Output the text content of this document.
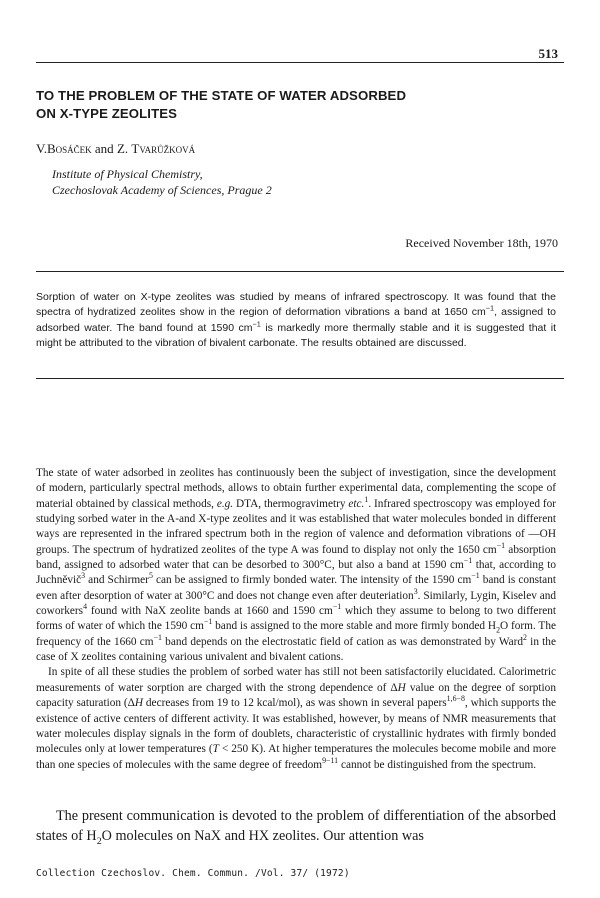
513
TO THE PROBLEM OF THE STATE OF WATER ADSORBED
ON X-TYPE ZEOLITES
V.Bosáček and Z. Tvarůžková
Institute of Physical Chemistry,
Czechoslovak Academy of Sciences, Prague 2
Received November 18th, 1970

Sorption of water on X-type zeolites was studied by means of infrared spectroscopy. It was found that the spectra of hydratized zeolites show in the region of deformation vibrations a band at 1650 $cm^{-1}$, assigned to adsorbed water. The band found at 1590 $cm^{-1}$ is markedly more thermally stable and it is suggested that it might be attributed to the vibration of bivalent carbonate. The results obtained are discussed.

The state of water adsorbed in zeolites has continuously been the subject of investigation, since the development of modern, particularly spectral methods, allows to obtain further experimental data, complementing the scope of material obtained by classical methods, e.g. DTA, thermogravimetry etc.$^1$. Infrared spectroscopy was employed for studying sorbed water in the A-and X-type zeolites and it was established that water molecules bonded in different ways are represented in the infrared spectrum both in the region of valence and deformation vibrations of —OH groups. The spectrum of hydratized zeolites of the type A was found to display not only the 1650 $cm^{-1}$ absorption band, assigned to adsorbed water that can be desorbed to 300°C, but also a band at 1590 $cm^{-1}$ that, according to Juchněvič$^3$ and Schirmer$^5$ can be assigned to firmly bonded water. The intensity of the 1590 $cm^{-1}$ band is constant even after desorption of water at 300°C and does not change even after deuteriation$^3$. Similarly, Lygin, Kiselev and coworkers$^4$ found with NaX zeolite bands at 1660 and 1590 $cm^{-1}$ which they assume to belong to two different forms of water of which the 1590 $cm^{-1}$ band is assigned to the more stable and more firmly bonded $H_2O$ form. The frequency of the 1660 $cm^{-1}$ band depends on the electrostatic field of cation as was demonstrated by Ward$^2$ in the case of X zeolites containing various univalent and bivalent cations.

In spite of all these studies the problem of sorbed water has still not been satisfactorily elucidated. Calorimetric measurements of water sorption are charged with the strong dependence of ΔH value on the degree of sorption capacity saturation (ΔH decreases from 19 to 12 kcal/mol), as was shown in several papers$^{1,6-8}$, which supports the existence of active centers of different activity. It was established, however, by means of NMR measurements that water molecules display signals in the form of doublets, characteristic of crystallinic hydrates with firmly bonded molecules only at lower temperatures (T < 250 K). At higher temperatures the molecules become mobile and more than one species of molecules with the same degree of freedom$^{9-11}$ cannot be distinguished from the spectrum.

The present communication is devoted to the problem of differentiation of the absorbed states of $H_2O$ molecules on NaX and HX zeolites. Our attention was

Collection Czechoslov. Chem. Commun. /Vol. 37/ (1972)
